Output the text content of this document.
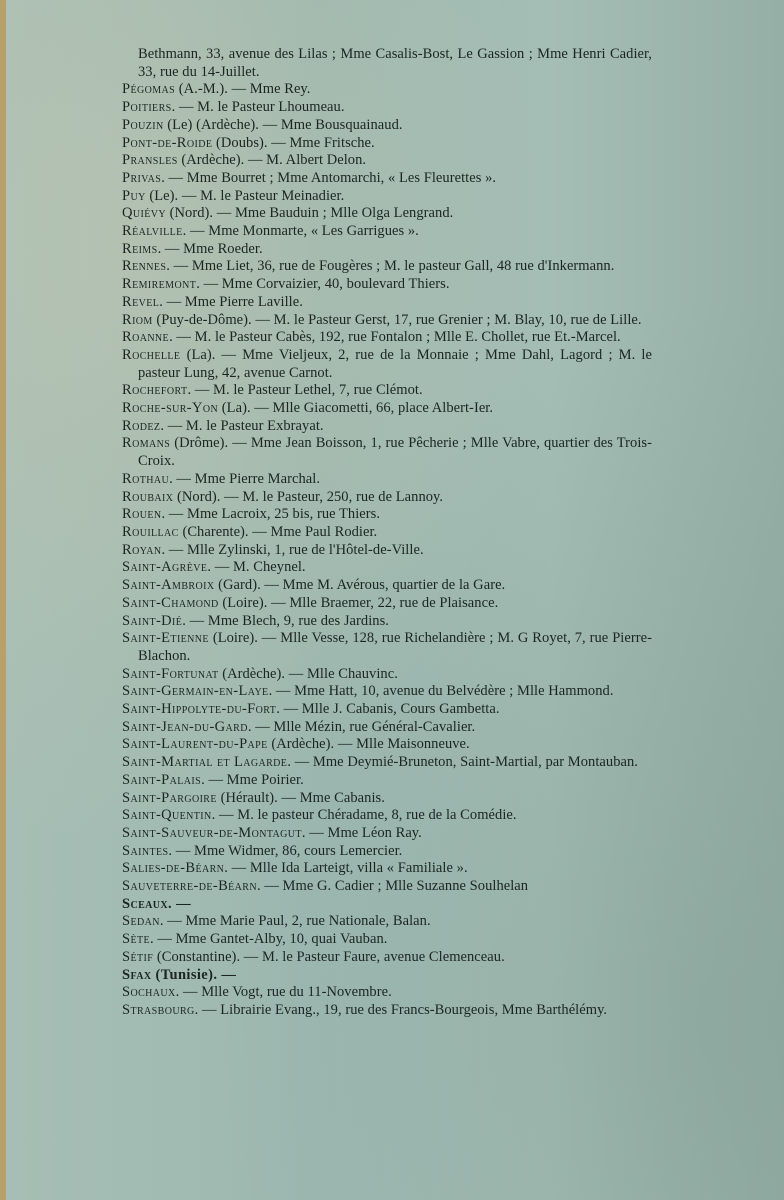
Bethmann, 33, avenue des Lilas ; Mme Casalis-Bost, Le Gassion ; Mme Henri Cadier, 33, rue du 14-Juillet.
Pégomas (A.-M.). — Mme Rey.
Poitiers. — M. le Pasteur Lhoumeau.
Pouzin (Le) (Ardèche). — Mme Bousquainaud.
Pont-de-Roide (Doubs). — Mme Fritsche.
Pransles (Ardèche). — M. Albert Delon.
Privas. — Mme Bourret ; Mme Antomarchi, « Les Fleurettes ».
Puy (Le). — M. le Pasteur Meinadier.
Quiévy (Nord). — Mme Bauduin ; Mlle Olga Lengrand.
Réalville. — Mme Monmarte, « Les Garrigues ».
Reims. — Mme Roeder.
Rennes. — Mme Liet, 36, rue de Fougères ; M. le pasteur Gall, 48 rue d'Inkermann.
Remiremont. — Mme Corvaizier, 40, boulevard Thiers.
Revel. — Mme Pierre Laville.
Riom (Puy-de-Dôme). — M. le Pasteur Gerst, 17, rue Grenier ; M. Blay, 10, rue de Lille.
Roanne. — M. le Pasteur Cabès, 192, rue Fontalon ; Mlle E. Chollet, rue Et.-Marcel.
Rochelle (La). — Mme Vieljeux, 2, rue de la Monnaie ; Mme Dahl, Lagord ; M. le pasteur Lung, 42, avenue Carnot.
Rochefort. — M. le Pasteur Lethel, 7, rue Clémot.
Roche-sur-Yon (La). — Mlle Giacometti, 66, place Albert-Ier.
Rodez. — M. le Pasteur Exbrayat.
Romans (Drôme). — Mme Jean Boisson, 1, rue Pêcherie ; Mlle Vabre, quartier des Trois-Croix.
Rothau. — Mme Pierre Marchal.
Roubaix (Nord). — M. le Pasteur, 250, rue de Lannoy.
Rouen. — Mme Lacroix, 25 bis, rue Thiers.
Rouillac (Charente). — Mme Paul Rodier.
Royan. — Mlle Zylinski, 1, rue de l'Hôtel-de-Ville.
Saint-Agrève. — M. Cheynel.
Saint-Ambroix (Gard). — Mme M. Avérous, quartier de la Gare.
Saint-Chamond (Loire). — Mlle Braemer, 22, rue de Plaisance.
Saint-Dié. — Mme Blech, 9, rue des Jardins.
Saint-Etienne (Loire). — Mlle Vesse, 128, rue Richelandière ; M. G Royet, 7, rue Pierre-Blachon.
Saint-Fortunat (Ardèche). — Mlle Chauvinc.
Saint-Germain-en-Laye. — Mme Hatt, 10, avenue du Belvédère ; Mlle Hammond.
Saint-Hippolyte-du-Fort. — Mlle J. Cabanis, Cours Gambetta.
Saint-Jean-du-Gard. — Mlle Mézin, rue Général-Cavalier.
Saint-Laurent-du-Pape (Ardèche). — Mlle Maisonneuve.
Saint-Martial et Lagarde. — Mme Deymié-Bruneton, Saint-Martial, par Montauban.
Saint-Palais. — Mme Poirier.
Saint-Pargoire (Hérault). — Mme Cabanis.
Saint-Quentin. — M. le pasteur Chéradame, 8, rue de la Comédie.
Saint-Sauveur-de-Montagut. — Mme Léon Ray.
Saintes. — Mme Widmer, 86, cours Lemercier.
Salies-de-Béarn. — Mlle Ida Larteigt, villa « Familiale ».
Sauveterre-de-Béarn. — Mme G. Cadier ; Mlle Suzanne Soulhelan
Sceaux. —
Sedan. — Mme Marie Paul, 2, rue Nationale, Balan.
Sète. — Mme Gantet-Alby, 10, quai Vauban.
Sétif (Constantine). — M. le Pasteur Faure, avenue Clemenceau.
Sfax (Tunisie). —
Sochaux. — Mlle Vogt, rue du 11-Novembre.
Strasbourg. — Librairie Evang., 19, rue des Francs-Bourgeois, Mme Barthélémy.
